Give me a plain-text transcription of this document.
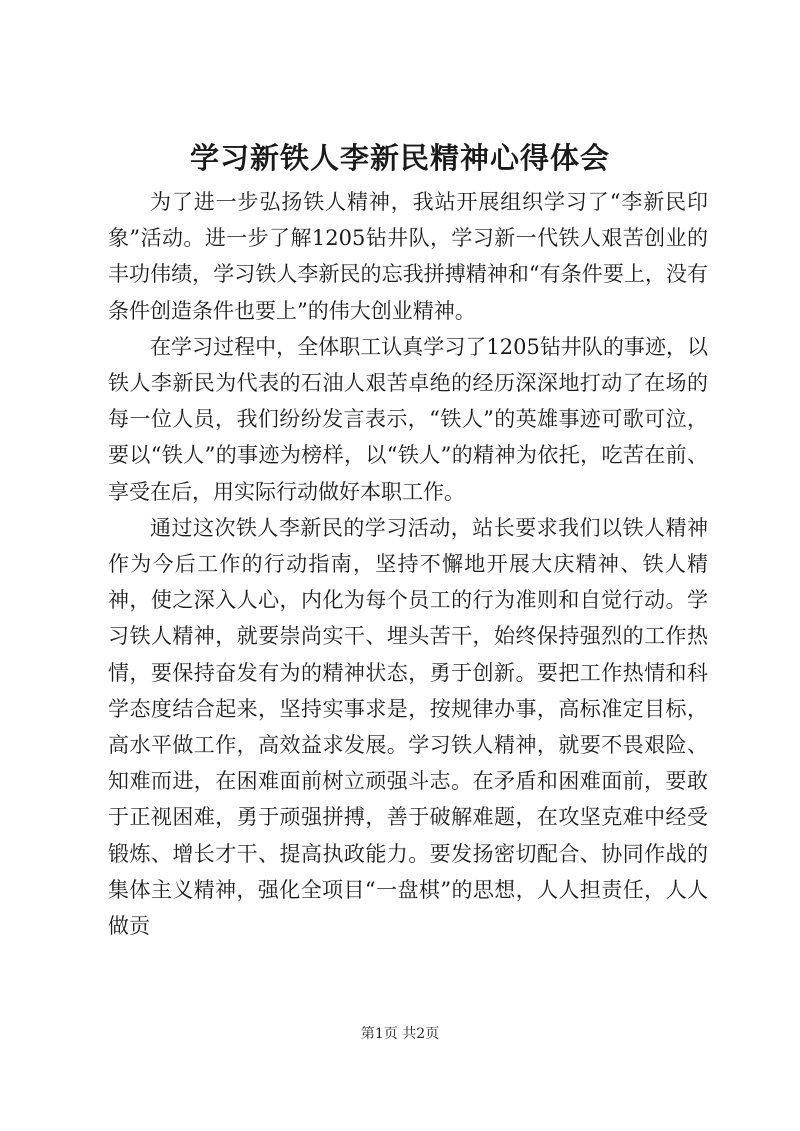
学习新铁人李新民精神心得体会

为了进一步弘扬铁人精神，我站开展组织学习了“李新民印象”活动。进一步了解1205钻井队，学习新一代铁人艰苦创业的丰功伟绩，学习铁人李新民的忘我拼搏精神和“有条件要上，没有条件创造条件也要上”的伟大创业精神。

在学习过程中，全体职工认真学习了1205钻井队的事迹，以铁人李新民为代表的石油人艰苦卓绝的经历深深地打动了在场的每一位人员，我们纷纷发言表示，“铁人”的英雄事迹可歌可泣，要以“铁人”的事迹为榜样，以“铁人”的精神为依托，吃苦在前、享受在后，用实际行动做好本职工作。

通过这次铁人李新民的学习活动，站长要求我们以铁人精神作为今后工作的行动指南，坚持不懈地开展大庆精神、铁人精神，使之深入人心，内化为每个员工的行为准则和自觉行动。学习铁人精神，就要崇尚实干、埋头苦干，始终保持强烈的工作热情，要保持奋发有为的精神状态，勇于创新。要把工作热情和科学态度结合起来，坚持实事求是，按规律办事，高标准定目标，高水平做工作，高效益求发展。学习铁人精神，就要不畏艰险、知难而进，在困难面前树立顽强斗志。在矛盾和困难面前，要敢于正视困难，勇于顽强拼搏，善于破解难题，在攻坚克难中经受锻炼、增长才干、提高执政能力。要发扬密切配合、协同作战的集体主义精神，强化全项目“一盘棋”的思想，人人担责任，人人做贡

第1页 共2页
